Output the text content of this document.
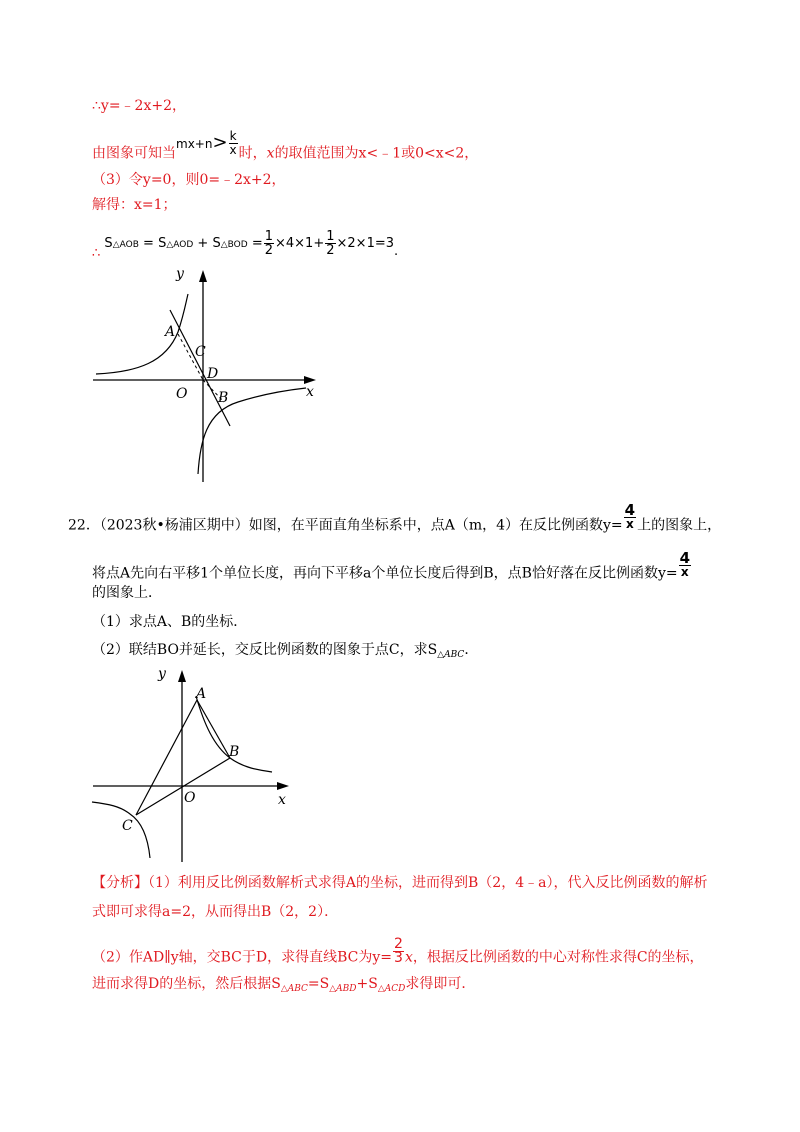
∴y=﹣2x+2，
由图象可知当$mx+n> \frac{k}{x}$ 时，x的取值范围为x<﹣1或0<x<2，
（3）令y=0，则0=﹣2x+2，
解得：x=1；
∴ S△AOB = S△AOD + S△BOD = $\frac{1}{2} \times 4\times 1+ \frac{1}{2} \times 2\times 1=3$.
y
x
O
A
C
D
B
22．（2023秋•杨浦区期中）如图，在平面直角坐标系中，点A（m，4）在反比例函数$y= \frac{4}{x}$ 上的图象上，
将点A先向右平移1个单位长度，再向下平移a个单位长度后得到B，点B恰好落在反比例函数$y= \frac{4}{x}$
的图象上．
（1）求点A、B的坐标．
（2）联结BO并延长，交反比例函数的图象于点C，求$S_{\triangle ABC}$．
y
x
O
A
B
C
【分析】（1）利用反比例函数解析式求得A的坐标，进而得到B（2，4﹣a），代入反比例函数的解析
式即可求得a=2，从而得出B（2，2）．
（2）作AD∥y轴，交BC于D，求得直线BC为$y= \frac{2}{3}$ x，根据反比例函数的中心对称性求得C的坐标，
进而求得D的坐标，然后根据$S_{\triangle ABC}=S_{\triangle ABD}+S_{\triangle ACD}$求得即可．
